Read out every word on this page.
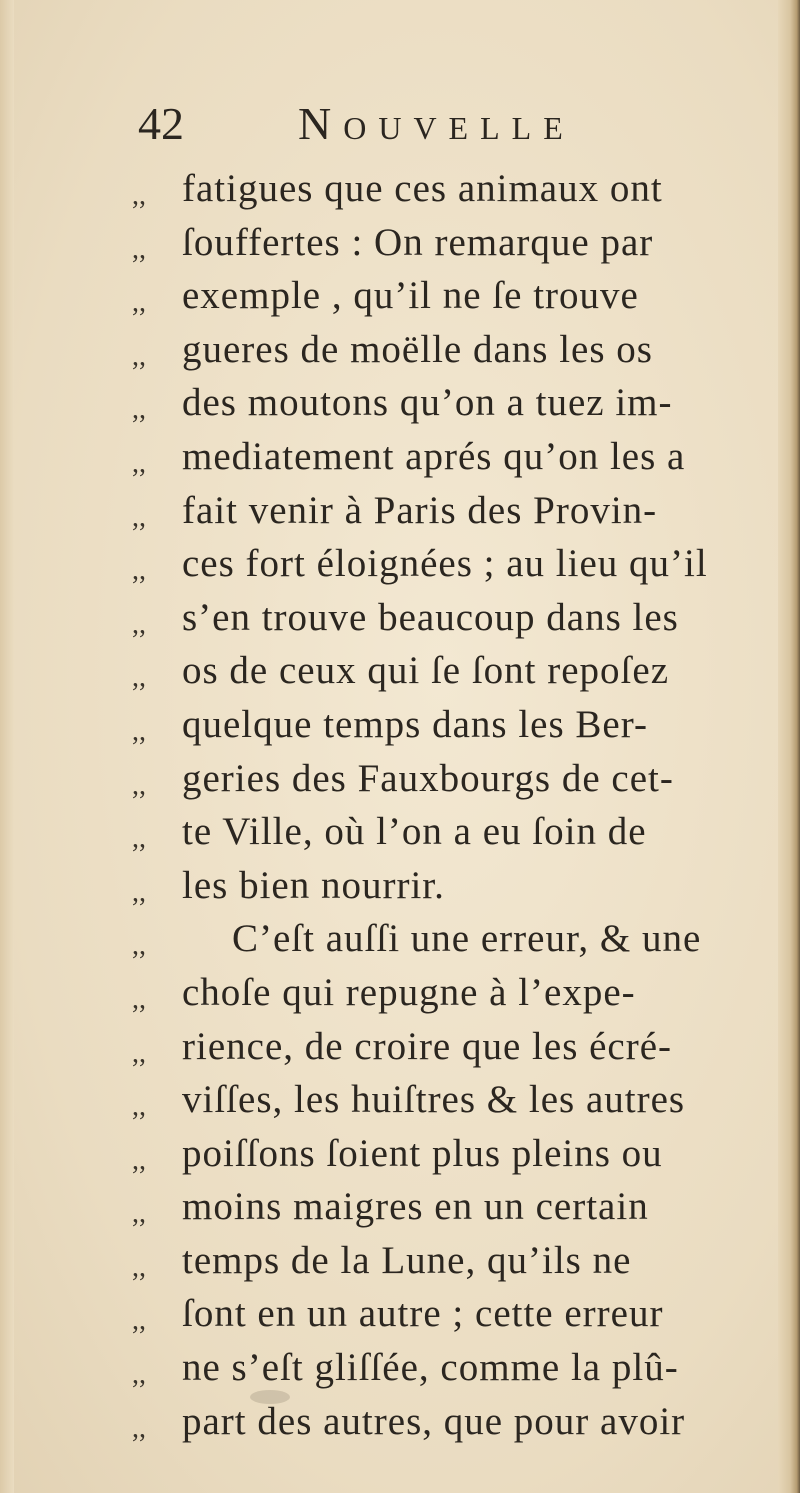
42 Nouvelle
,, fatigues que ces animaux ont
,, ſouffertes : On remarque par
,, exemple , qu’il ne ſe trouve
,, gueres de moëlle dans les os
,, des moutons qu’on a tuez im-
,, mediatement aprés qu’on les a
,, fait venir à Paris des Provin-
,, ces fort éloignées ; au lieu qu’il
,, s’en trouve beaucoup dans les
,, os de ceux qui ſe ſont repoſez
,, quelque temps dans les Ber-
,, geries des Fauxbourgs de cet-
,, te Ville, où l’on a eu ſoin de
,, les bien nourrir.
,, C’eſt auſſi une erreur, & une
,, choſe qui repugne à l’expe-
,, rience, de croire que les écré-
,, viſſes, les huiſtres & les autres
,, poiſſons ſoient plus pleins ou
,, moins maigres en un certain
,, temps de la Lune, qu’ils ne
,, ſont en un autre ; cette erreur
,, ne s’eſt gliſſée, comme la plû-
,, part des autres, que pour avoir
